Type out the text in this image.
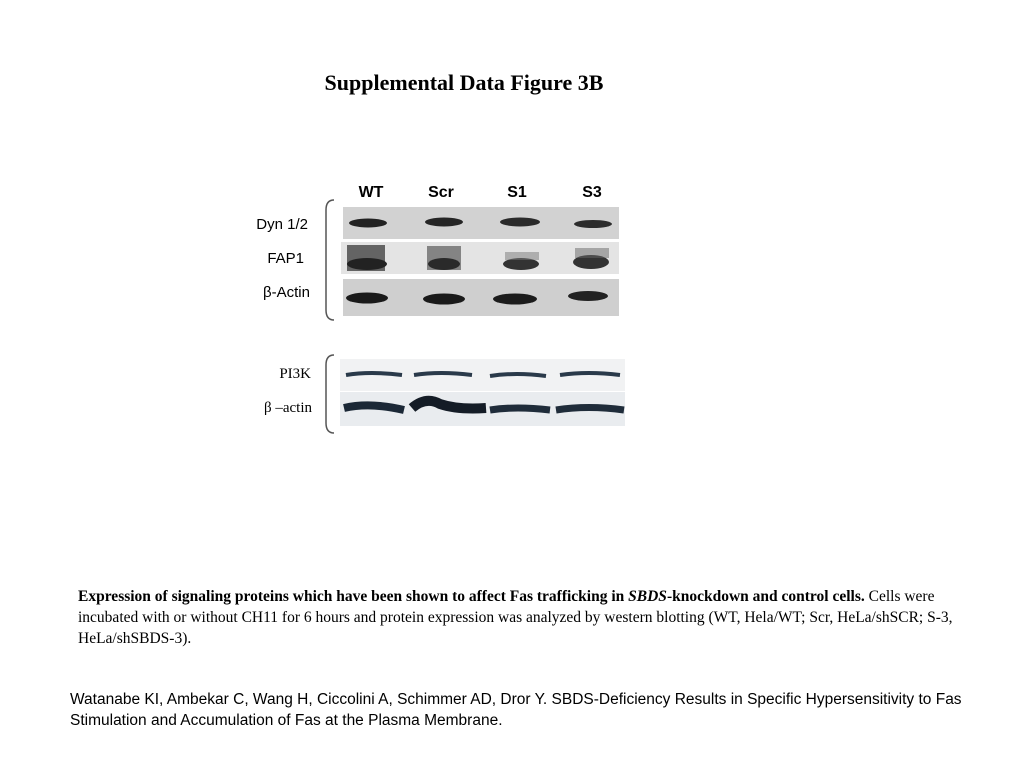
Supplemental Data Figure 3B
WT	Scr	S1	S3
Dyn 1/2
FAP1
β-Actin
PI3K
β –actin
Expression of signaling proteins which have been shown to affect Fas trafficking in SBDS-knockdown and control cells. Cells were incubated with or without CH11 for 6 hours and protein expression was analyzed by western blotting (WT, Hela/WT; Scr, HeLa/shSCR; S-3, HeLa/shSBDS-3).
Watanabe KI, Ambekar C, Wang H, Ciccolini A, Schimmer AD, Dror Y. SBDS-Deficiency Results in Specific Hypersensitivity to Fas Stimulation and Accumulation of Fas at the Plasma Membrane.
